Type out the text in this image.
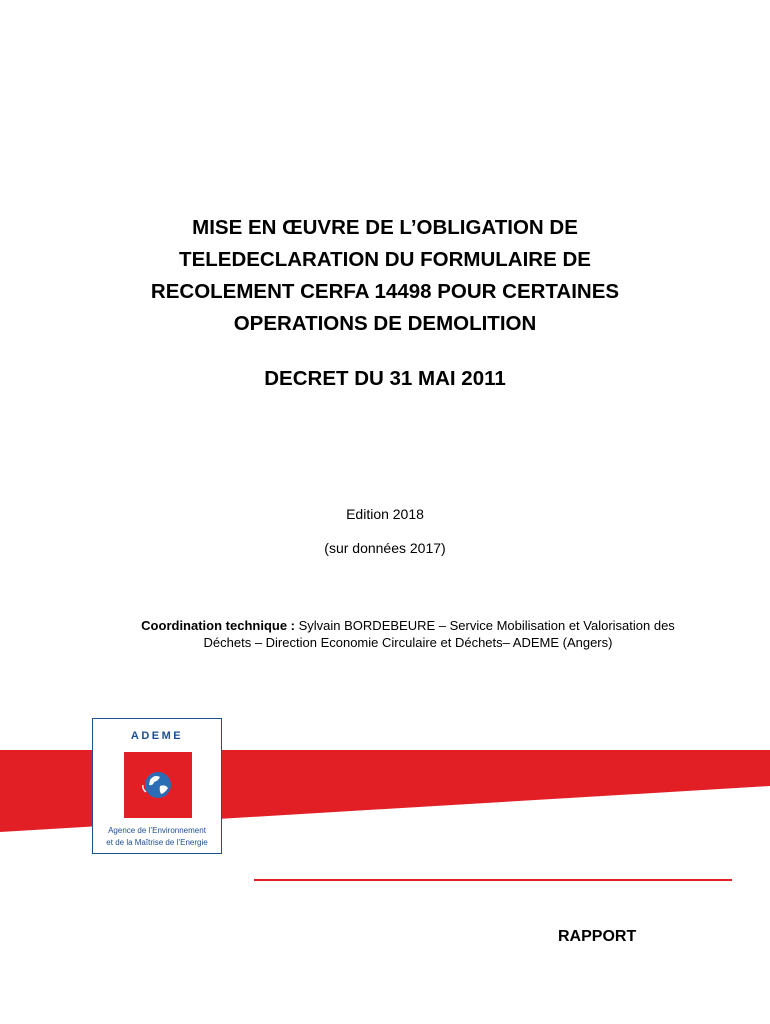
MISE EN ŒUVRE DE L’OBLIGATION DE
TELEDECLARATION DU FORMULAIRE DE
RECOLEMENT CERFA 14498 POUR CERTAINES
OPERATIONS DE DEMOLITION
DECRET DU 31 MAI 2011
Edition 2018
(sur données 2017)
Coordination technique : Sylvain BORDEBEURE – Service Mobilisation et Valorisation des
Déchets – Direction Economie Circulaire et Déchets– ADEME (Angers)
ADEME
Agence de l’Environnement
et de la Maîtrise de l’Energie
RAPPORT
